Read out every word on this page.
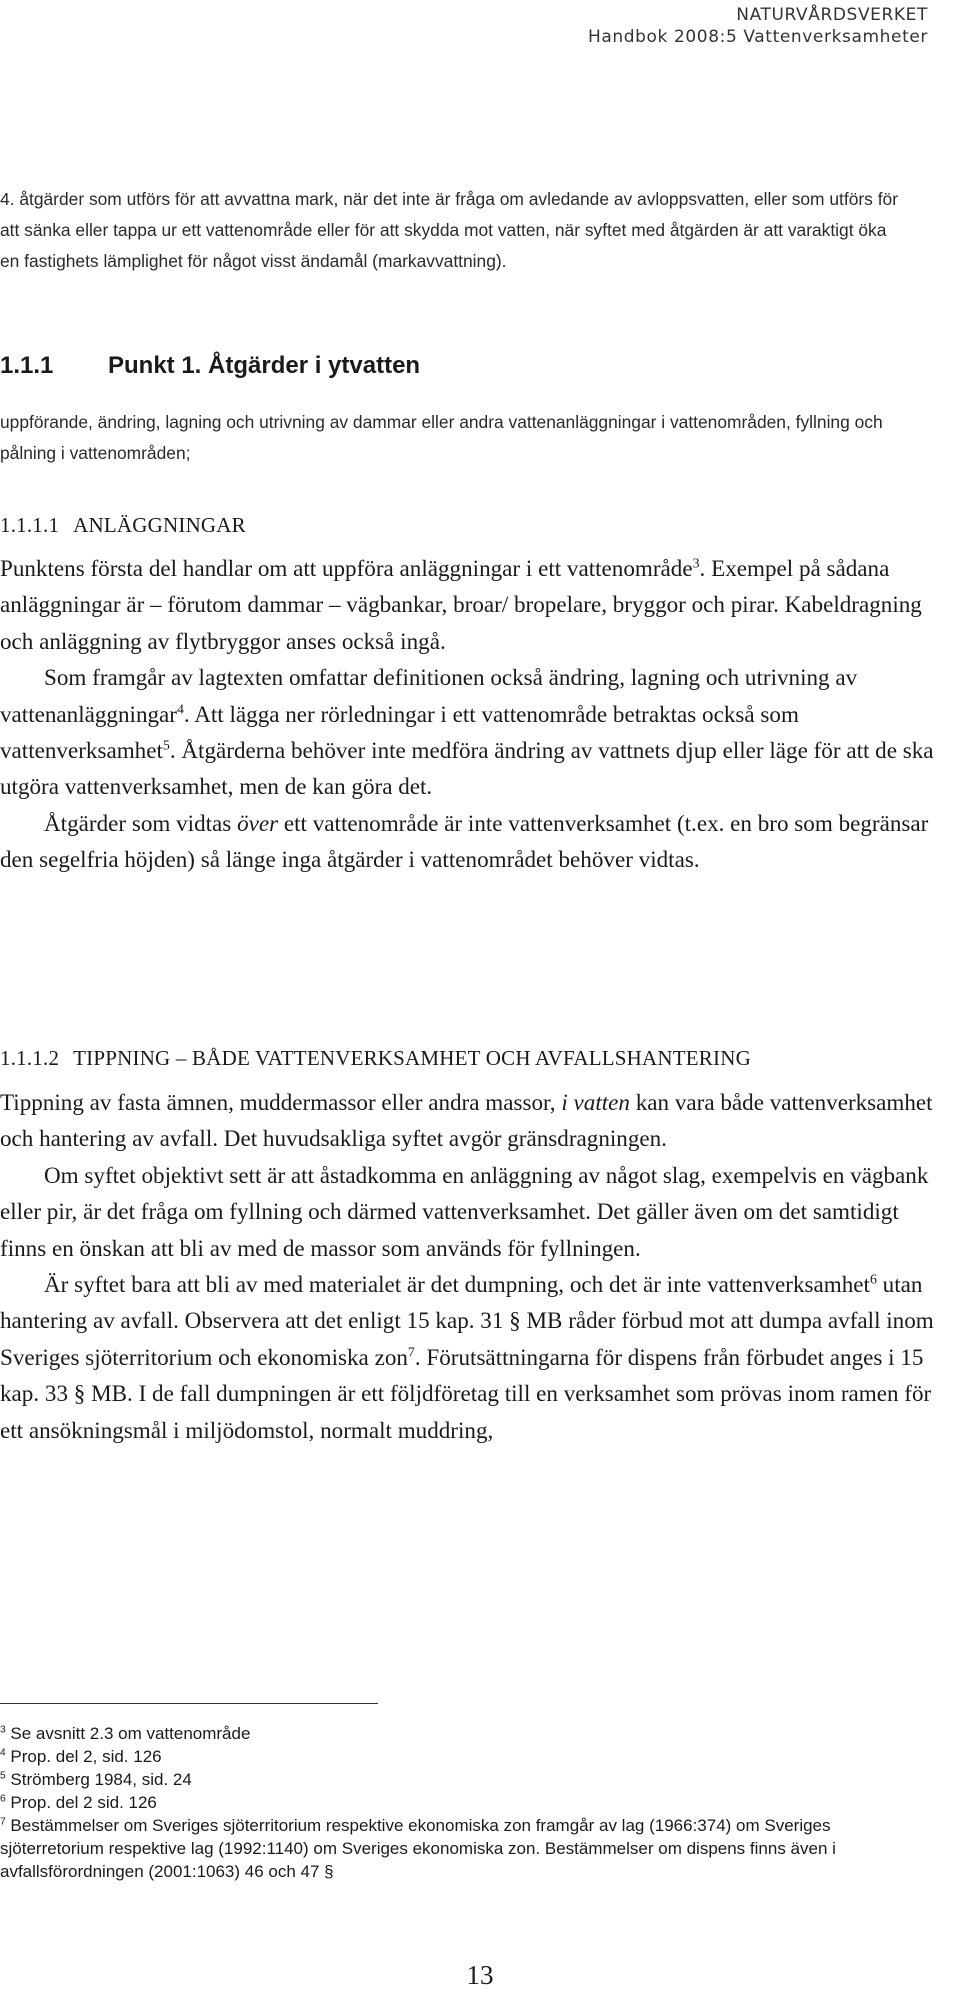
NATURVÅRDSVERKET
Handbok 2008:5 Vattenverksamheter
4. åtgärder som utförs för att avvattna mark, när det inte är fråga om avledande av avloppsvatten, eller som utförs för att sänka eller tappa ur ett vattenområde eller för att skydda mot vatten, när syftet med åtgärden är att varaktigt öka en fastighets lämplighet för något visst ändamål (markavvattning).
1.1.1 Punkt 1. Åtgärder i ytvatten
uppförande, ändring, lagning och utrivning av dammar eller andra vattenanläggningar i vattenområden, fyllning och pålning i vattenområden;
1.1.1.1 ANLÄGGNINGAR

Punktens första del handlar om att uppföra anläggningar i ett vattenområde$^3$. Exempel på sådana anläggningar är – förutom dammar – vägbankar, broar/ bropelare, bryggor och pirar. Kabeldragning och anläggning av flytbryggor anses också ingå.

Som framgår av lagtexten omfattar definitionen också ändring, lagning och utrivning av vattenanläggningar$^4$. Att lägga ner rörledningar i ett vattenområde betraktas också som vattenverksamhet$^5$. Åtgärderna behöver inte medföra ändring av vattnets djup eller läge för att de ska utgöra vattenverksamhet, men de kan göra det.

Åtgärder som vidtas över ett vattenområde är inte vattenverksamhet (t.ex. en bro som begränsar den segelfria höjden) så länge inga åtgärder i vattenområdet behöver vidtas.

1.1.1.2 TIPPNING – BÅDE VATTENVERKSAMHET OCH AVFALLSHANTERING

Tippning av fasta ämnen, muddermassor eller andra massor, i vatten kan vara både vattenverksamhet och hantering av avfall. Det huvudsakliga syftet avgör gränsdragningen.

Om syftet objektivt sett är att åstadkomma en anläggning av något slag, exempelvis en vägbank eller pir, är det fråga om fyllning och därmed vattenverksamhet. Det gäller även om det samtidigt finns en önskan att bli av med de massor som används för fyllningen.

Är syftet bara att bli av med materialet är det dumpning, och det är inte vattenverksamhet$^6$ utan hantering av avfall. Observera att det enligt 15 kap. 31 § MB råder förbud mot att dumpa avfall inom Sveriges sjöterritorium och ekonomiska zon$^7$. Förutsättningarna för dispens från förbudet anges i 15 kap. 33 § MB. I de fall dumpningen är ett följdföretag till en verksamhet som prövas inom ramen för ett ansökningsmål i miljödomstol, normalt muddring,

$^3$ Se avsnitt 2.3 om vattenområde
$^4$ Prop. del 2, sid. 126
$^5$ Strömberg 1984, sid. 24
$^6$ Prop. del 2 sid. 126
$^7$ Bestämmelser om Sveriges sjöterritorium respektive ekonomiska zon framgår av lag (1966:374) om Sveriges sjöterretorium respektive lag (1992:1140) om Sveriges ekonomiska zon. Bestämmelser om dispens finns även i avfallsförordningen (2001:1063) 46 och 47 §
13
